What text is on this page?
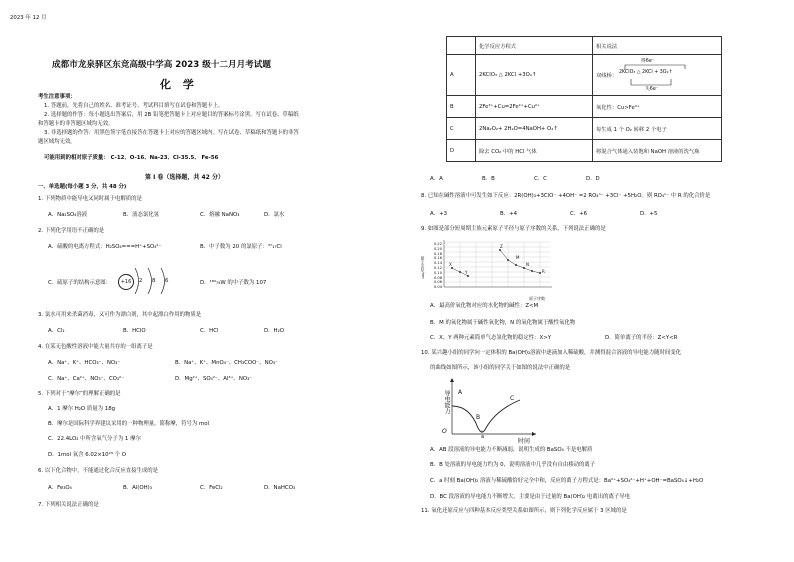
2023 年 12 月
成都市龙泉驿区东竞高级中学高 2023 级十二月月考试题
化 学
考生注意事项：
1. 答题前，先将自己的姓名、准考证号、考试科目填写在试卷和答题卡上。
2. 选择题的作答：每小题选出答案后，用 2B 铅笔把答题卡上对应题目的答案标号涂黑。写在试卷、草稿纸
和答题卡的非答题区域均无效。
3. 非选择题的作答：用黑色签字笔直接答在答题卡上对应的答题区域内。写在试卷、草稿纸和答题卡的非答
题区域均无效。
可能用到的相对原子质量： C-12、O-16、Na-23、Cl-35.5、 Fe-56
第 Ⅰ 卷（选择题，共 42 分）
一、单选题(每小题 3 分，共 48 分)
1. 下列物质中能导电又同时属于电解质的是
A．Na₂SO₄溶液	B．液态氯化氢	C．熔融 NaNO₃	D．氯水
2. 下列化学用语不正确的是
A．硫酸的电离方程式：H₂SO₄===H⁺+SO₄²⁻	B．中子数为 20 的氯原子：³⁷₁₇Cl
C．硫原子的结构示意图：	+16	2 8 6	D．¹⁸⁰₇₄W 的中子数为 107
3. 氯水可用来杀菌消毒，又可作为漂白剂，其中起漂白作用的物质是
A．Cl₂	B．HClO	C．HCl	D．H₂O
4. 在某无色酸性溶液中能大量共存的一组离子是
A．Na⁺、K⁺、HCO₃⁻、NO₃⁻	B．Na⁺、K⁺、MnO₄⁻、CH₃COO⁻、NO₃⁻
C．Na⁺、Ca²⁺、NO₃⁻、CO₃²⁻	D．Mg²⁺、SO₄²⁻、Al³⁺、NO₃⁻
5. 下列对于“摩尔”的理解正确的是
A．1 摩尔 H₂O 质量为 18g
B．摩尔是国际科学界建议采用的一种物理量，简称摩，符号为 mol
C．22.4LO₂ 中所含氧气分子为 1 摩尔
D．1mol 氧含 6.02×10²³ 个 O
6. 以下化合物中，不能通过化合反应直接生成的是
A．Fe₃O₄	B．Al(OH)₃	C．FeCl₂	D．NaHCO₃
7. 下列相关说法正确的是
	化学反应方程式	相关说法
A	2KClO₃ △ 2KCl +3O₂↑	双线桥：
得6e⁻
2KClO₃ △ 2KCl + 3O₂↑
失6e⁻

B	2Fe³⁺+Cu=2Fe²⁺+Cu²⁺	氧化性：Cu>Fe³⁺
C	2Na₂O₂+ 2H₂O=4NaOH+ O₂↑	每生成 1 个 O₂ 转移 2 个电子
D	除去 CO₂ 中的 HCl 气体	将混合气体通入装饱和 NaOH 溶液的洗气瓶
A．A	B．B	C．C	D．D
8. 已知在碱性溶液中可发生如下反应：2R(OH)₃+3ClO⁻ +4OH⁻ =2 RO₄ⁿ⁻ +3Cl⁻ +5H₂O。则 RO₄ⁿ⁻ 中 R 的化合价是
A．+3	B．+4	C．+6	D．+5
9. 如图是部分短周期主族元素原子半径与原子序数的关系，下列说法正确的是
0.22
0.20
0.18
0.16
0.14
0.12
0.10
0.08
0.06
0.04
原子半径/nm
原子序数
X
Y
Z
M
N
R
A．最高价氧化物对应的水化物的碱性：Z<M
B．M 的氧化物属于碱性氧化物，N 的氧化物属于酸性氧化物
C．X、Y 两种元素简单气态氢化物的稳定性：X>Y	D．简单离子的半径：Z<Y<R
10. 某兴趣小组的同学向一定体积的 Ba(OH)₂溶液中逐滴加入稀硫酸，并测得混合溶液的导电能力随时间变化
的曲线如图所示，该小组的同学关于如图的说法中正确的是
导电能力
时间
O
A
B
a
C
A．AB 段溶液的导电能力不断减弱，说明生成的 BaSO₄ 不是电解质
B．B 处溶液的导电能力约为 0，说明溶液中几乎没有自由移动的离子
C．a 时刻 Ba(OH)₂ 溶液与稀硫酸恰好完全中和，反应的离子方程式是：Ba²⁺+SO₄²⁻+H⁺+OH⁻=BaSO₄↓+H₂O
D．BC 段溶液的导电能力不断增大，主要是由于过量的 Ba(OH)₂ 电离出的离子导电
11. 氧化还原反应与四种基本反应类型关系如图所示，则下列化学反应属于 3 区域的是
